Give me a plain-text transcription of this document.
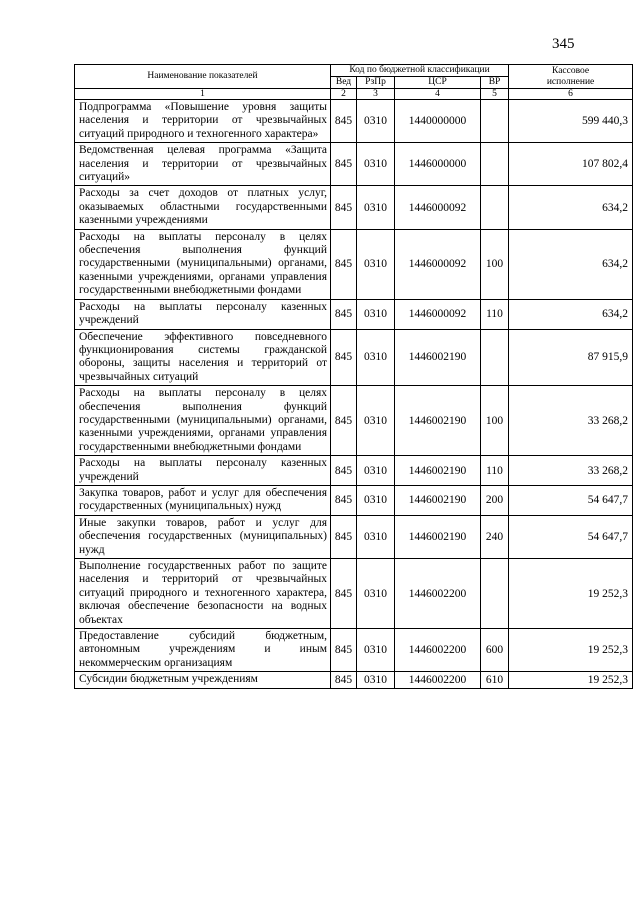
345
Наименование показателей	Код по бюджетной классификации				Кассовое
исполнение
	Вед	РзПр	ЦСР	ВР	
1	2	3	4	5	6
Подпрограмма «Повышение уровня защиты населения и территории от чрезвычайных ситуаций природного и техногенного характера»	845	0310	1440000000		599 440,3
Ведомственная целевая программа «Защита населения и территории от чрезвычайных ситуаций»	845	0310	1446000000		107 802,4
Расходы за счет доходов от платных услуг, оказываемых областными государственными казенными учреждениями	845	0310	1446000092		634,2
Расходы на выплаты персоналу в целях обеспечения выполнения функций государственными (муниципальными) органами, казенными учреждениями, органами управления государственными внебюджетными фондами	845	0310	1446000092	100	634,2
Расходы на выплаты персоналу казенных учреждений	845	0310	1446000092	110	634,2
Обеспечение эффективного повседневного функционирования системы гражданской обороны, защиты населения и территорий от чрезвычайных ситуаций	845	0310	1446002190		87 915,9
Расходы на выплаты персоналу в целях обеспечения выполнения функций государственными (муниципальными) органами, казенными учреждениями, органами управления государственными внебюджетными фондами	845	0310	1446002190	100	33 268,2
Расходы на выплаты персоналу казенных учреждений	845	0310	1446002190	110	33 268,2
Закупка товаров, работ и услуг для обеспечения государственных (муниципальных) нужд	845	0310	1446002190	200	54 647,7
Иные закупки товаров, работ и услуг для обеспечения государственных (муниципальных) нужд	845	0310	1446002190	240	54 647,7
Выполнение государственных работ по защите населения и территорий от чрезвычайных ситуаций природного и техногенного характера, включая обеспечение безопасности на водных объектах	845	0310	1446002200		19 252,3
Предоставление субсидий бюджетным, автономным учреждениям и иным некоммерческим организациям	845	0310	1446002200	600	19 252,3
Субсидии бюджетным учреждениям	845	0310	1446002200	610	19 252,3
